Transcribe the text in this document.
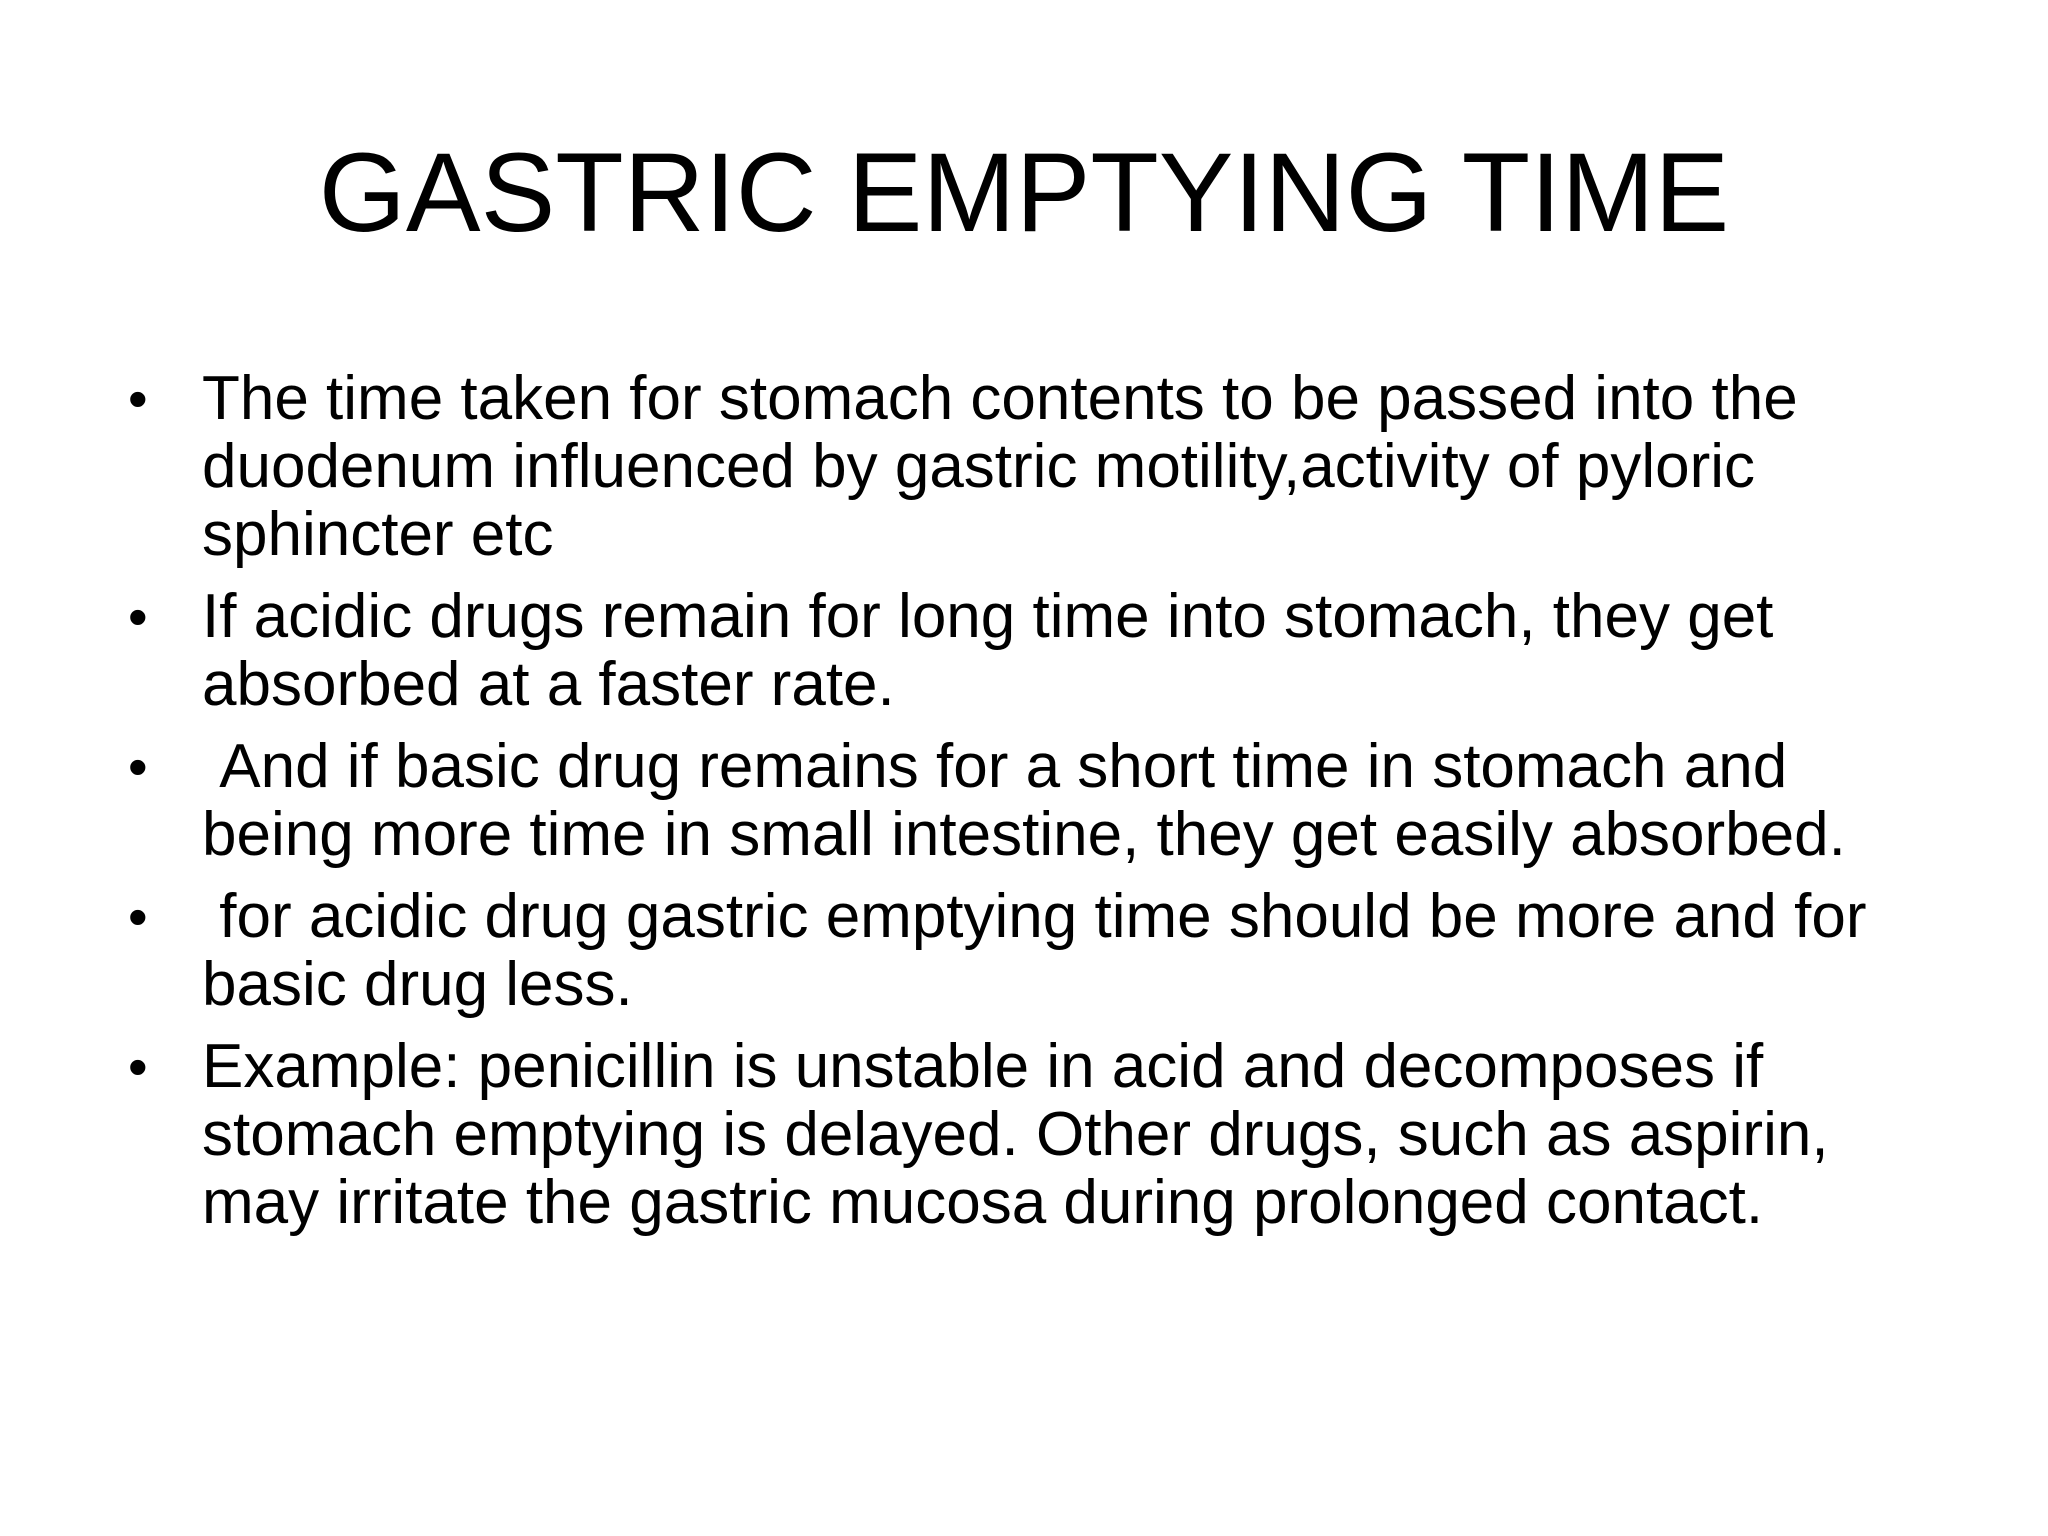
GASTRIC EMPTYING TIME
• The time taken for stomach contents to be passed into the duodenum influenced by gastric motility,activity of pyloric sphincter etc
• If acidic drugs remain for long time into stomach, they get absorbed at a faster rate.
• And if basic drug remains for a short time in stomach and being more time in small intestine, they get easily absorbed.
• for acidic drug gastric emptying time should be more and for basic drug less.
• Example: penicillin is unstable in acid and decomposes if stomach emptying is delayed. Other drugs, such as aspirin, may irritate the gastric mucosa during prolonged contact.
